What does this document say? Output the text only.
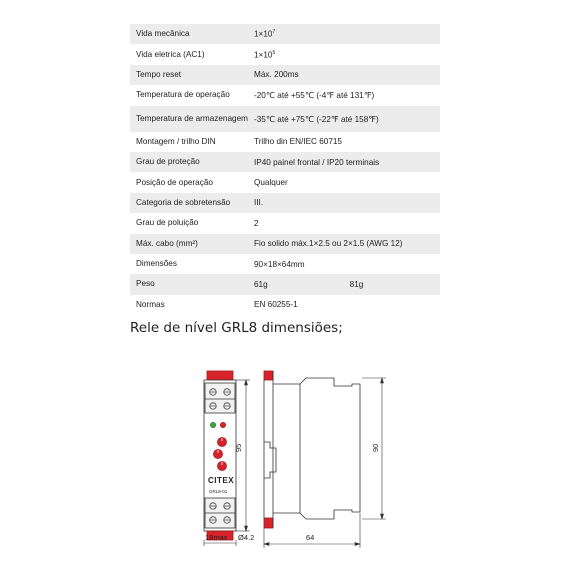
Vida mecânica	$1\times 10^7$
Vida eletrica (AC1)	$1\times 10^5$
Tempo reset	Máx. 200ms
Temperatura de operação	-20℃ até +55℃ (-4℉ até 131℉)
Temperatura de armazenagem -35℃ até +75℃ (-22℉ até 158℉)
Montagem / trilho DIN	Trilho din EN/IEC 60715
Grau de proteção	IP40 painel frontal / IP20 terminais
Posição de operação	Qualquer
Categoria de sobretensão	III.
Grau de poluição	2
Máx. cabo (mm²)	Fio solido máx.1×2.5 ou 2×1.5 (AWG 12)
Dimensões	90×18×64mm
Peso	61g	81g
Normas	EN 60255-1
Rele de nível GRL8 dimensiões;
CITEX
GRL8-01
95
18max Ø4.2
90
64
